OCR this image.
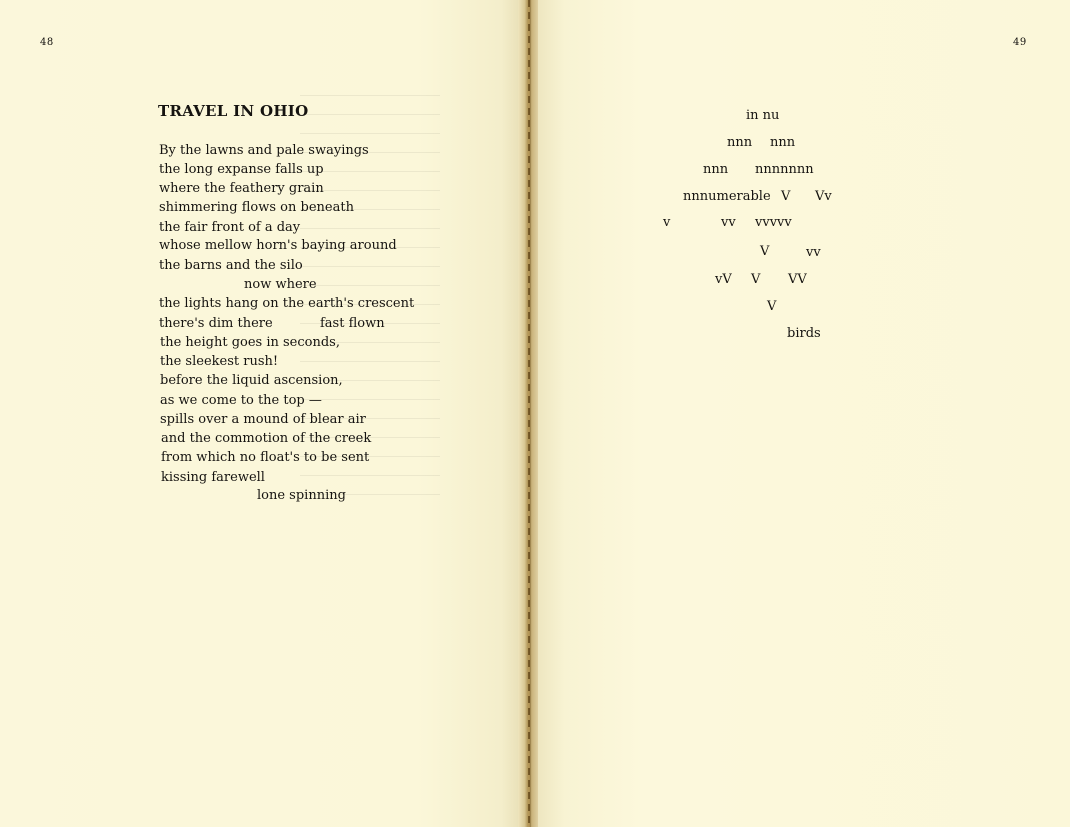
48
TRAVEL IN OHIO
By the lawns and pale swayings
the long expanse falls up
where the feathery grain
shimmering flows on beneath
the fair front of a day
whose mellow horn's baying around
the barns and the silo
now where
the lights hang on the earth's crescent
there's dim there	fast flown
the height goes in seconds,
the sleekest rush!
before the liquid ascension,
as we come to the top —
spills over a mound of blear air
and the commotion of the creek
from which no float's to be sent
kissing farewell
lone spinning
49
in nu
nnn nnn
nnn nnnnnnn
nnnumerable V Vv
v	vv vvvvv
V	vv
vV V VV
V
birds
